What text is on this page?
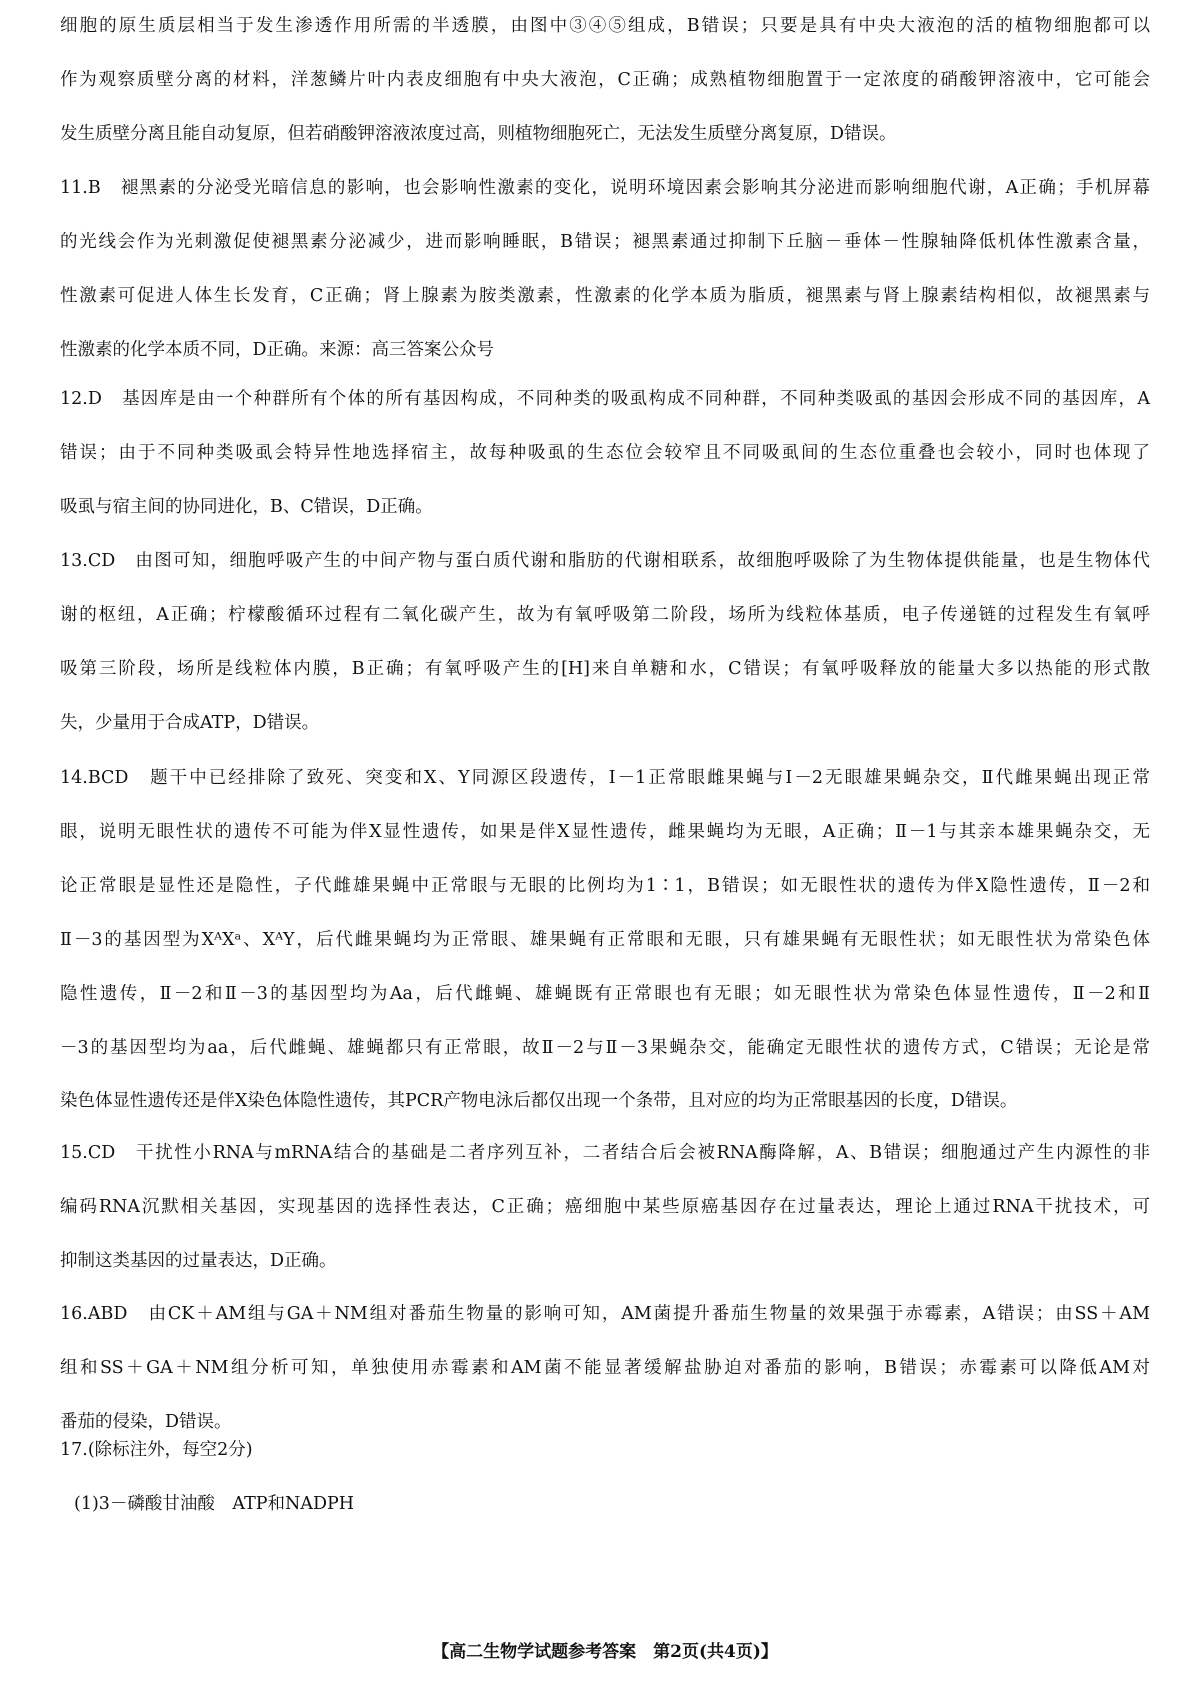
细胞的原生质层相当于发生渗透作用所需的半透膜，由图中③④⑤组成，B错误；只要是具有中央大液泡的活的植物细胞都可以
作为观察质壁分离的材料，洋葱鳞片叶内表皮细胞有中央大液泡，C正确；成熟植物细胞置于一定浓度的硝酸钾溶液中，它可能会
发生质壁分离且能自动复原，但若硝酸钾溶液浓度过高，则植物细胞死亡，无法发生质壁分离复原，D错误。
11.B　褪黑素的分泌受光暗信息的影响，也会影响性激素的变化，说明环境因素会影响其分泌进而影响细胞代谢，A正确；手机屏幕
的光线会作为光刺激促使褪黑素分泌减少，进而影响睡眠，B错误；褪黑素通过抑制下丘脑－垂体－性腺轴降低机体性激素含量，
性激素可促进人体生长发育，C正确；肾上腺素为胺类激素，性激素的化学本质为脂质，褪黑素与肾上腺素结构相似，故褪黑素与
性激素的化学本质不同，D正确。来源：高三答案公众号
12.D　基因库是由一个种群所有个体的所有基因构成，不同种类的吸虱构成不同种群，不同种类吸虱的基因会形成不同的基因库，A
错误；由于不同种类吸虱会特异性地选择宿主，故每种吸虱的生态位会较窄且不同吸虱间的生态位重叠也会较小，同时也体现了
吸虱与宿主间的协同进化，B、C错误，D正确。
13.CD　由图可知，细胞呼吸产生的中间产物与蛋白质代谢和脂肪的代谢相联系，故细胞呼吸除了为生物体提供能量，也是生物体代
谢的枢纽，A正确；柠檬酸循环过程有二氧化碳产生，故为有氧呼吸第二阶段，场所为线粒体基质，电子传递链的过程发生有氧呼
吸第三阶段，场所是线粒体内膜，B正确；有氧呼吸产生的[H]来自单糖和水，C错误；有氧呼吸释放的能量大多以热能的形式散
失，少量用于合成ATP，D错误。
14.BCD　题干中已经排除了致死、突变和X、Y同源区段遗传，Ⅰ－1正常眼雌果蝇与Ⅰ－2无眼雄果蝇杂交，Ⅱ代雌果蝇出现正常
眼，说明无眼性状的遗传不可能为伴X显性遗传，如果是伴X显性遗传，雌果蝇均为无眼，A正确；Ⅱ－1与其亲本雄果蝇杂交，无
论正常眼是显性还是隐性，子代雌雄果蝇中正常眼与无眼的比例均为1∶1，B错误；如无眼性状的遗传为伴X隐性遗传，Ⅱ－2和
Ⅱ－3的基因型为XᴬXᵃ、XᴬY，后代雌果蝇均为正常眼、雄果蝇有正常眼和无眼，只有雄果蝇有无眼性状；如无眼性状为常染色体
隐性遗传，Ⅱ－2和Ⅱ－3的基因型均为Aa，后代雌蝇、雄蝇既有正常眼也有无眼；如无眼性状为常染色体显性遗传，Ⅱ－2和Ⅱ
－3的基因型均为aa，后代雌蝇、雄蝇都只有正常眼，故Ⅱ－2与Ⅱ－3果蝇杂交，能确定无眼性状的遗传方式，C错误；无论是常
染色体显性遗传还是伴X染色体隐性遗传，其PCR产物电泳后都仅出现一个条带，且对应的均为正常眼基因的长度，D错误。
15.CD　干扰性小RNA与mRNA结合的基础是二者序列互补，二者结合后会被RNA酶降解，A、B错误；细胞通过产生内源性的非
编码RNA沉默相关基因，实现基因的选择性表达，C正确；癌细胞中某些原癌基因存在过量表达，理论上通过RNA干扰技术，可
抑制这类基因的过量表达，D正确。
16.ABD　由CK＋AM组与GA＋NM组对番茄生物量的影响可知，AM菌提升番茄生物量的效果强于赤霉素，A错误；由SS＋AM
组和SS＋GA＋NM组分析可知，单独使用赤霉素和AM菌不能显著缓解盐胁迫对番茄的影响，B错误；赤霉素可以降低AM对
番茄的侵染，D错误。
17.(除标注外，每空2分)
(1)3－磷酸甘油酸　ATP和NADPH
【高二生物学试题参考答案　第2页(共4页)】
